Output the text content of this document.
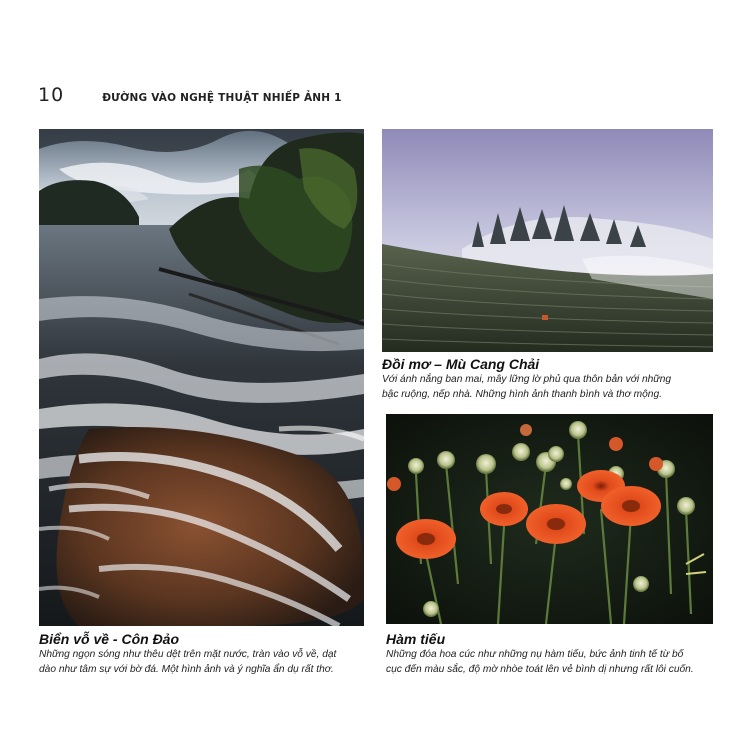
10	ĐƯỜNG VÀO NGHỆ THUẬT NHIẾP ẢNH 1
Đồi mơ – Mù Cang Chải
Với ánh nắng ban mai, mây lững lờ phủ qua thôn bản với những
bậc ruộng, nếp nhà. Những hình ảnh thanh bình và thơ mộng.
Biển vỗ về - Côn Đảo
Những ngọn sóng như thêu dệt trên mặt nước, tràn vào vỗ về, dạt
dào như tâm sự với bờ đá. Một hình ảnh và ý nghĩa ẩn dụ rất thơ.
Hàm tiếu
Những đóa hoa cúc như những nụ hàm tiếu, bức ảnh tinh tế từ bố
cục đến màu sắc, độ mờ nhòe toát lên vẻ bình dị nhưng rất lôi cuốn.
